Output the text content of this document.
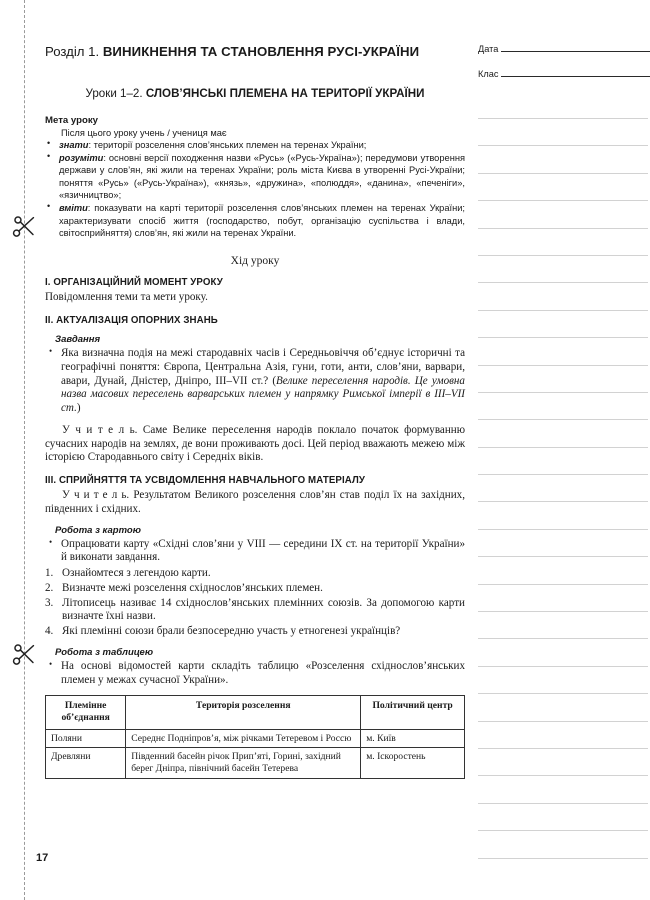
Розділ 1. ВИНИКНЕННЯ ТА СТАНОВЛЕННЯ РУСІ-УКРАЇНИ
Уроки 1–2. СЛОВ’ЯНСЬКІ ПЛЕМЕНА НА ТЕРИТОРІЇ УКРАЇНИ
Мета уроку
Після цього уроку учень / учениця має
• знати: території розселення слов’янських племен на теренах України;
• розуміти: основні версії походження назви «Русь» («Русь-Україна»); передумови утворення держави у слов’ян, які жили на теренах України; роль міста Києва в утворенні Русі-України; поняття «Русь» («Русь-Україна»), «князь», «дружина», «полюддя», «данина», «печеніги», «язичництво»;
• вміти: показувати на карті території розселення слов’янських племен на теренах України; характеризувати спосіб життя (господарство, побут, організацію суспільства і влади, світосприйняття) слов’ян, які жили на теренах України.
Хід уроку
I. ОРГАНІЗАЦІЙНИЙ МОМЕНТ УРОКУ

Повідомлення теми та мети уроку.

II. АКТУАЛІЗАЦІЯ ОПОРНИХ ЗНАНЬ
Завдання
• Яка визначна подія на межі стародавніх часів і Середньовіччя об’єднує історичні та географічні поняття: Європа, Центральна Азія, гуни, готи, анти, слов’яни, варвари, авари, Дунай, Дністер, Дніпро, III–VII ст.? (Велике переселення народів. Це умовна назва масових переселень варварських племен у напрямку Римської імперії в III–VII ст.)

У ч и т е л ь. Саме Велике переселення народів поклало початок формуванню сучасних народів на землях, де вони проживають досі. Цей період вважають межею між історією Стародавнього світу і Середніх віків.

III. СПРИЙНЯТТЯ ТА УСВІДОМЛЕННЯ НАВЧАЛЬНОГО МАТЕРІАЛУ

У ч и т е л ь. Результатом Великого розселення слов’ян став поділ їх на західних, південних і східних.

Робота з картою
• Опрацювати карту «Східні слов’яни у VIII — середини IX ст. на території України» й виконати завдання.
Ознайомтеся з легендою карти.
Визначте межі розселення східнослов’янських племен.
Літописець називає 14 східнослов’янських племінних союзів. За допомогою карти визначте їхні назви.
Які племінні союзи брали безпосередню участь у етногенезі українців?
Робота з таблицею
• На основі відомостей карти складіть таблицю «Розселення східнослов’янських племен у межах сучасної України».
Племінне об’єднання	Територія розселення	Політичний центр
Поляни	Середнє Подніпров’я, між річками Тетеревом і Россю	м. Київ
Древляни	Південний басейн річок Прип’яті, Горині, західний берег Дніпра, північний басейн Тетерева	м. Іскоростень
Дата
Клас
17
